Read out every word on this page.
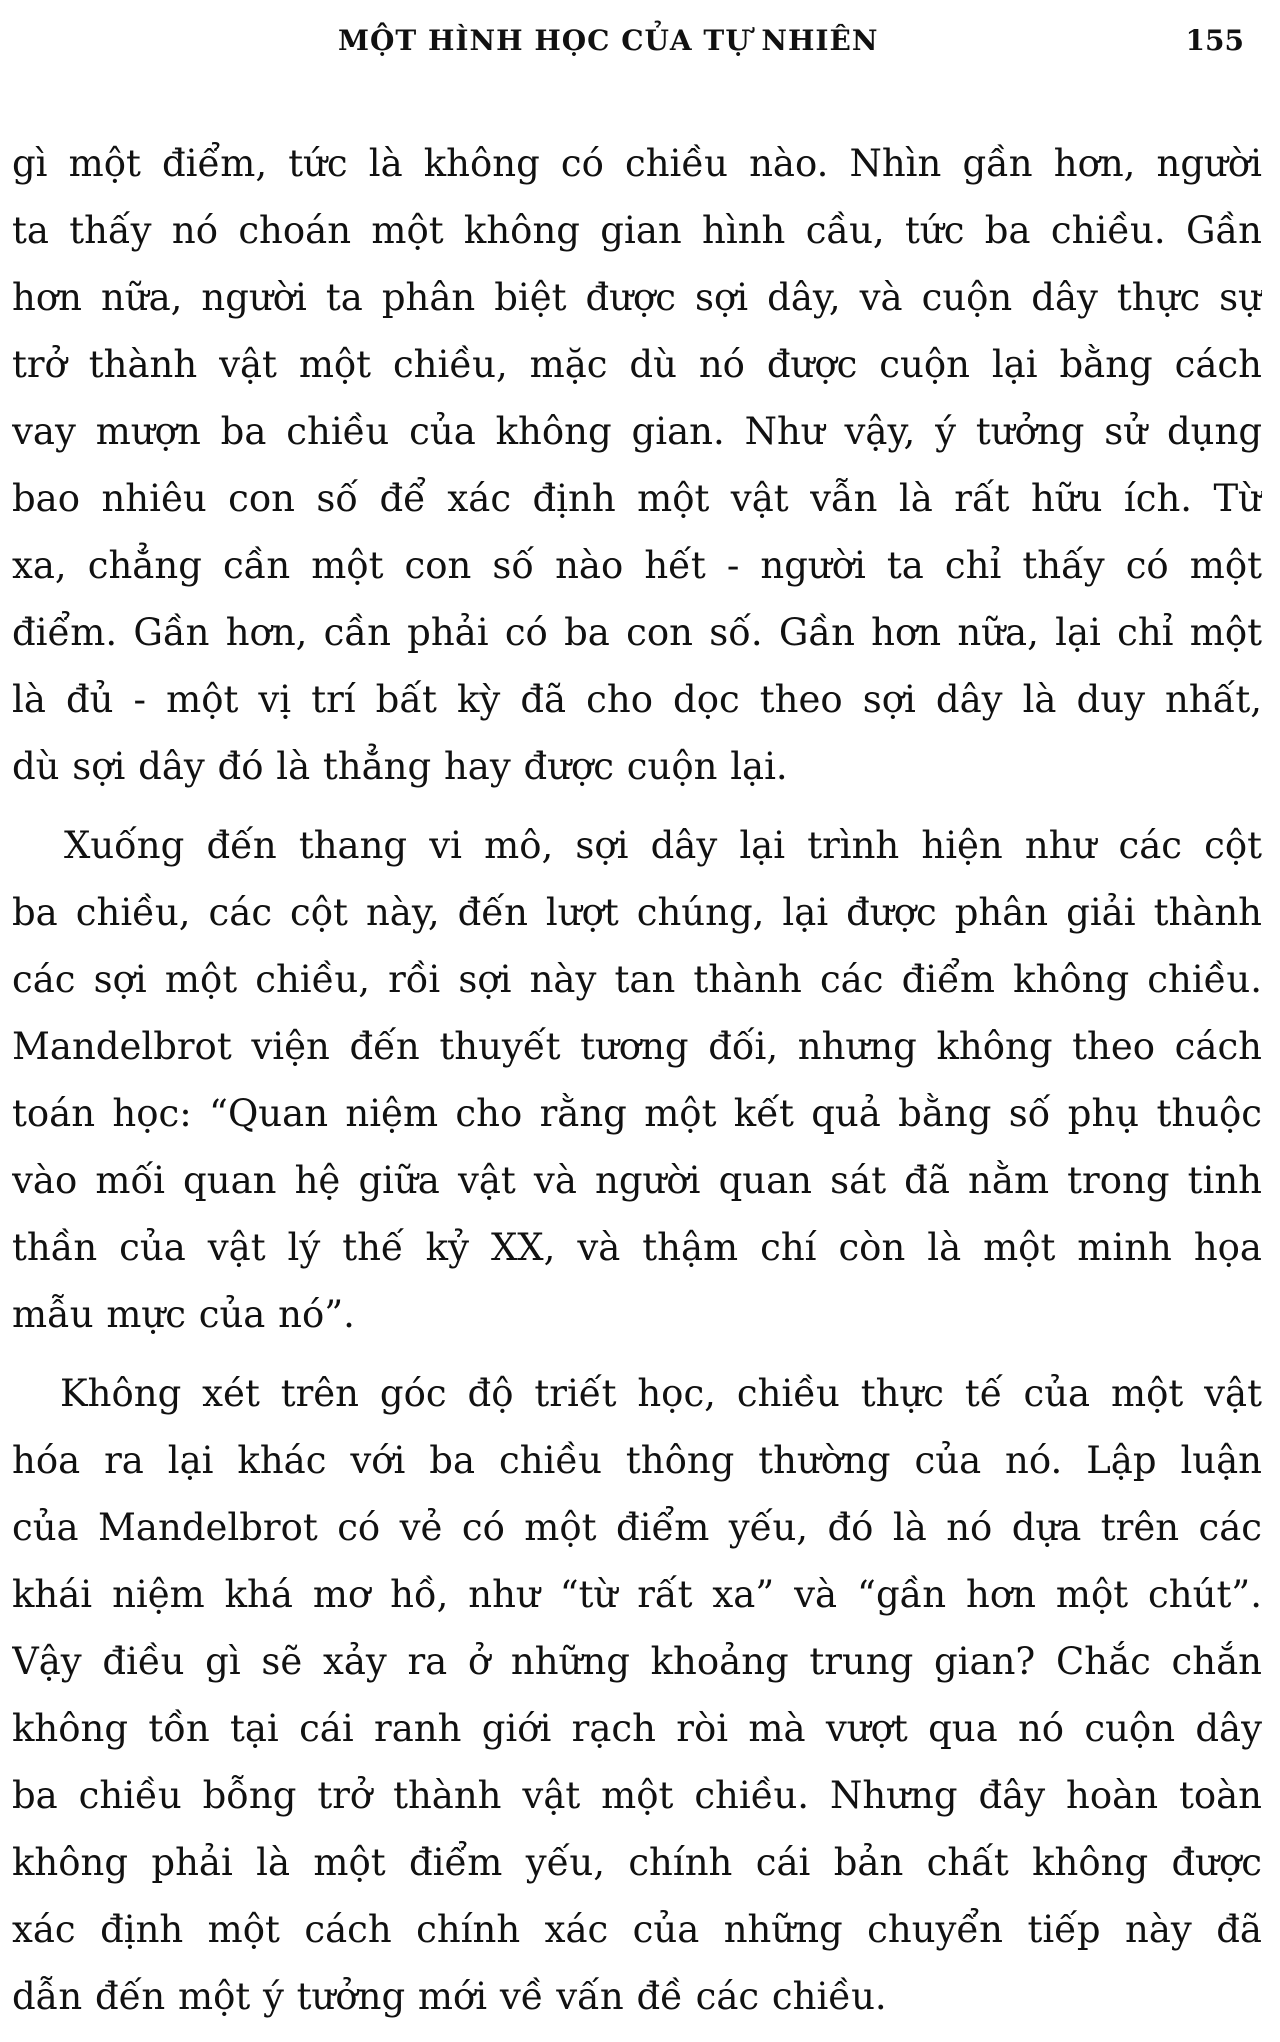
MỘT HÌNH HỌC CỦA TỰ NHIÊN	155
gì một điểm, tức là không có chiều nào. Nhìn gần hơn, người
ta thấy nó choán một không gian hình cầu, tức ba chiều. Gần
hơn nữa, người ta phân biệt được sợi dây, và cuộn dây thực sự
trở thành vật một chiều, mặc dù nó được cuộn lại bằng cách
vay mượn ba chiều của không gian. Như vậy, ý tưởng sử dụng
bao nhiêu con số để xác định một vật vẫn là rất hữu ích. Từ
xa, chẳng cần một con số nào hết - người ta chỉ thấy có một
điểm. Gần hơn, cần phải có ba con số. Gần hơn nữa, lại chỉ một
là đủ - một vị trí bất kỳ đã cho dọc theo sợi dây là duy nhất,
dù sợi dây đó là thẳng hay được cuộn lại.
Xuống đến thang vi mô, sợi dây lại trình hiện như các cột
ba chiều, các cột này, đến lượt chúng, lại được phân giải thành
các sợi một chiều, rồi sợi này tan thành các điểm không chiều.
Mandelbrot viện đến thuyết tương đối, nhưng không theo cách
toán học: “Quan niệm cho rằng một kết quả bằng số phụ thuộc
vào mối quan hệ giữa vật và người quan sát đã nằm trong tinh
thần của vật lý thế kỷ XX, và thậm chí còn là một minh họa
mẫu mực của nó”.
Không xét trên góc độ triết học, chiều thực tế của một vật
hóa ra lại khác với ba chiều thông thường của nó. Lập luận
của Mandelbrot có vẻ có một điểm yếu, đó là nó dựa trên các
khái niệm khá mơ hồ, như “từ rất xa” và “gần hơn một chút”.
Vậy điều gì sẽ xảy ra ở những khoảng trung gian? Chắc chắn
không tồn tại cái ranh giới rạch ròi mà vượt qua nó cuộn dây
ba chiều bỗng trở thành vật một chiều. Nhưng đây hoàn toàn
không phải là một điểm yếu, chính cái bản chất không được
xác định một cách chính xác của những chuyển tiếp này đã
dẫn đến một ý tưởng mới về vấn đề các chiều.
